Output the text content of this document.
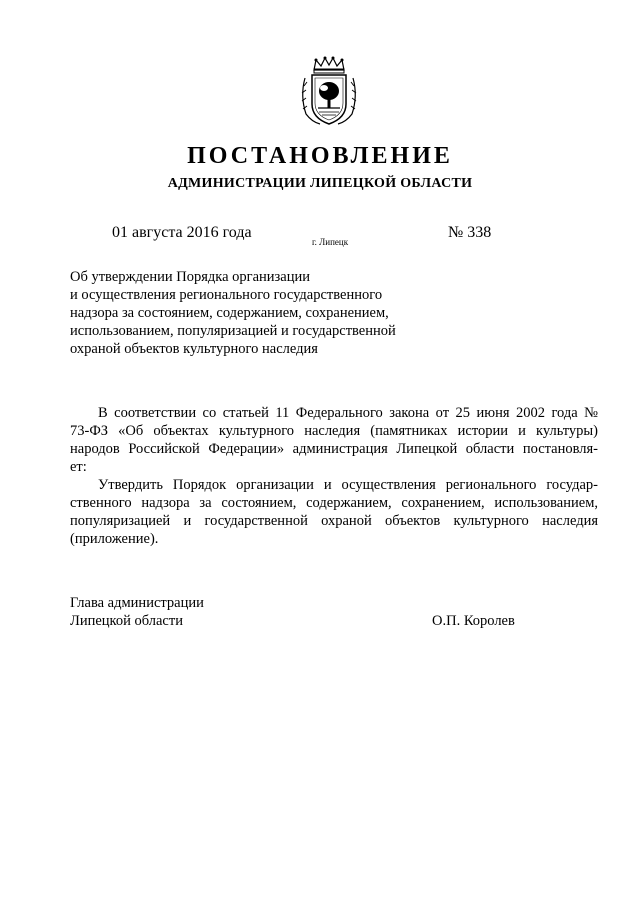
ПОСТАНОВЛЕНИЕ
АДМИНИСТРАЦИИ ЛИПЕЦКОЙ ОБЛАСТИ
01 августа 2016 года
г. Липецк
№ 338
Об утверждении Порядка организации
и осуществления регионального государственного
надзора за состоянием, содержанием, сохранением,
использованием, популяризацией и государственной
охраной объектов культурного наследия
В соответствии со статьей 11 Федерального закона от 25 июня 2002 года №
73-ФЗ «Об объектах культурного наследия (памятниках истории и культуры)
народов Российской Федерации» администрация Липецкой области постановля-
ет:
Утвердить Порядок организации и осуществления регионального государ-
ственного надзора за состоянием, содержанием, сохранением, использованием,
популяризацией и государственной охраной объектов культурного наследия
(приложение).
Глава администрации
Липецкой области	О.П. Королев
